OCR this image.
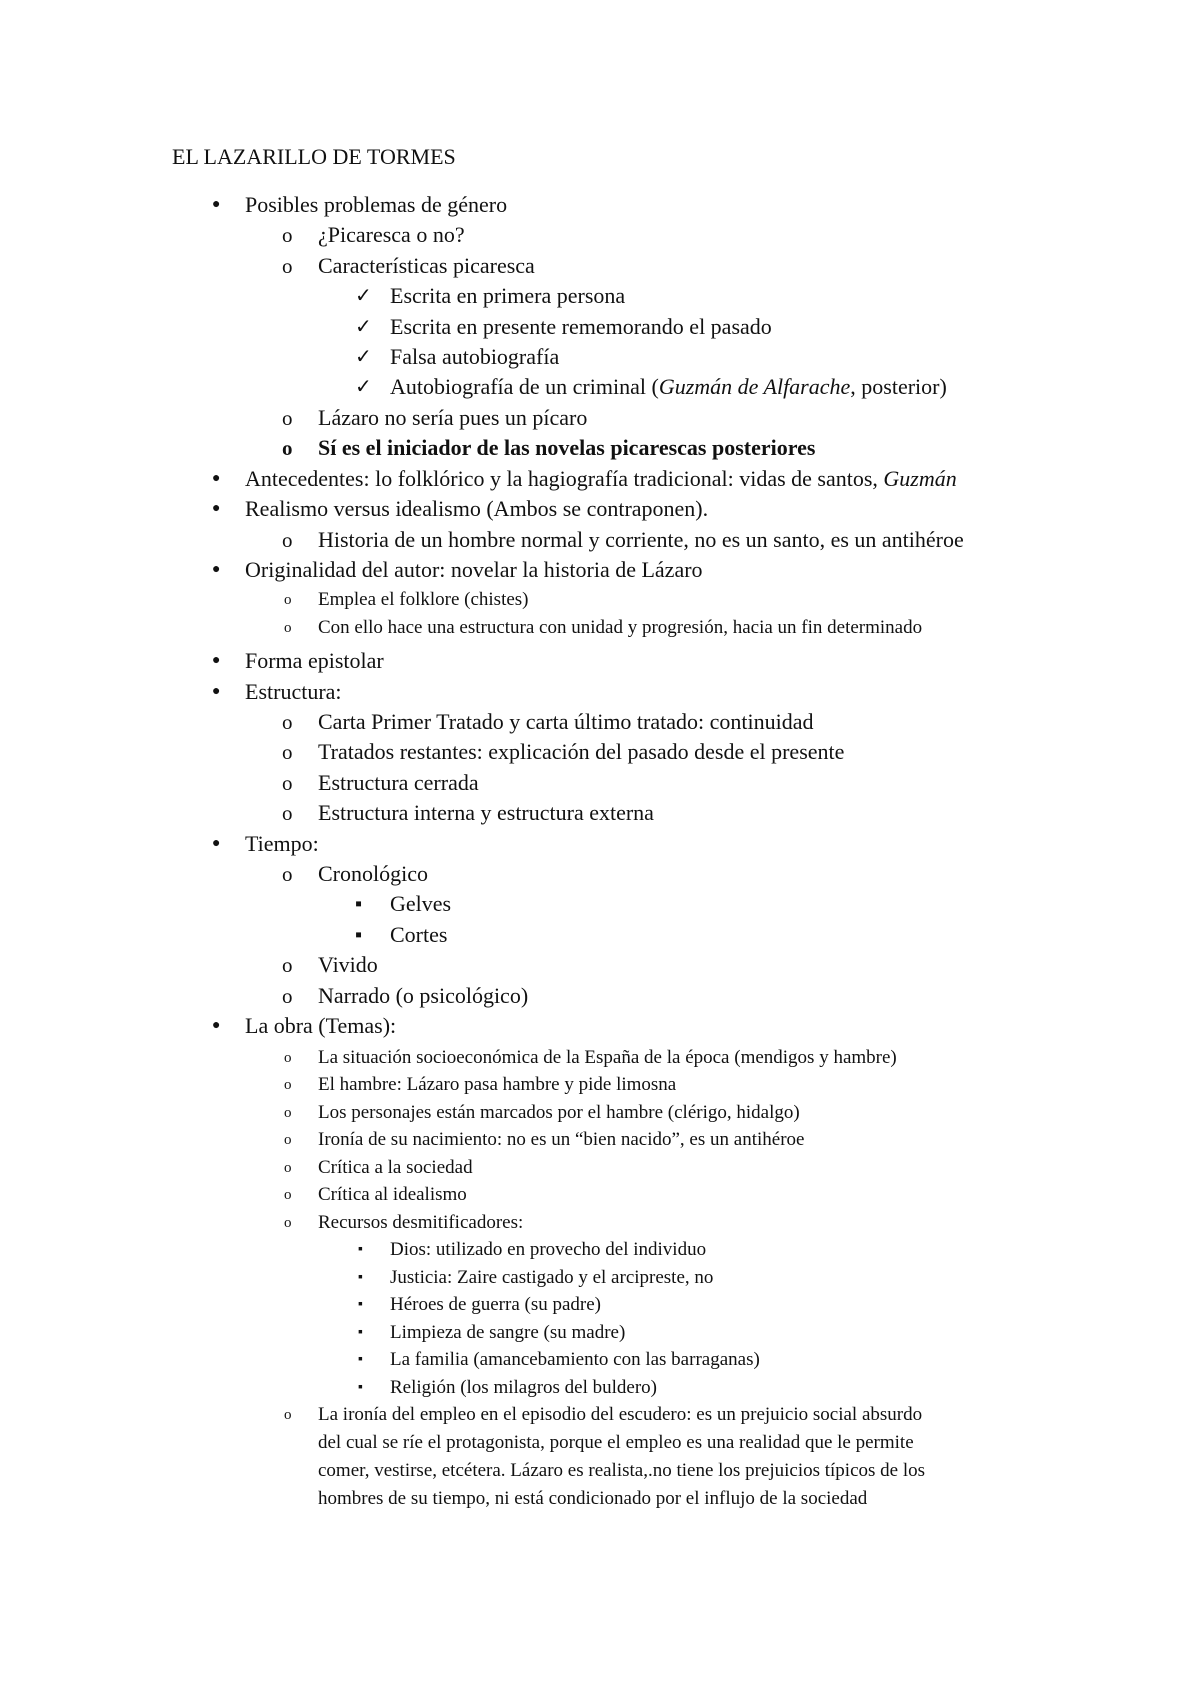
EL LAZARILLO DE TORMES
● Posibles problemas de género
o ¿Picaresca o no?
o Características picaresca
✓ Escrita en primera persona
✓ Escrita en presente rememorando el pasado
✓ Falsa autobiografía
✓ Autobiografía de un criminal (Guzmán de Alfarache, posterior)
o Lázaro no sería pues un pícaro
o Sí es el iniciador de las novelas picarescas posteriores
● Antecedentes: lo folklórico y la hagiografía tradicional: vidas de santos, Guzmán
● Realismo versus idealismo (Ambos se contraponen).
o Historia de un hombre normal y corriente, no es un santo, es un antihéroe
● Originalidad del autor: novelar la historia de Lázaro
o Emplea el folklore (chistes)
o Con ello hace una estructura con unidad y progresión, hacia un fin determinado
● Forma epistolar
● Estructura:
o Carta Primer Tratado y carta último tratado: continuidad
o Tratados restantes: explicación del pasado desde el presente
o Estructura cerrada
o Estructura interna y estructura externa
● Tiempo:
o Cronológico
▪ Gelves
▪ Cortes
o Vivido
o Narrado (o psicológico)
● La obra (Temas):
o La situación socioeconómica de la España de la época (mendigos y hambre)
o El hambre: Lázaro pasa hambre y pide limosna
o Los personajes están marcados por el hambre (clérigo, hidalgo)
o Ironía de su nacimiento: no es un “bien nacido”, es un antihéroe
o Crítica a la sociedad
o Crítica al idealismo
o Recursos desmitificadores:
▪ Dios: utilizado en provecho del individuo
▪ Justicia: Zaire castigado y el arcipreste, no
▪ Héroes de guerra (su padre)
▪ Limpieza de sangre (su madre)
▪ La familia (amancebamiento con las barraganas)
▪ Religión (los milagros del buldero)
o La ironía del empleo en el episodio del escudero: es un prejuicio social absurdo
del cual se ríe el protagonista, porque el empleo es una realidad que le permite
comer, vestirse, etcétera. Lázaro es realista,.no tiene los prejuicios típicos de los
hombres de su tiempo, ni está condicionado por el influjo de la sociedad
